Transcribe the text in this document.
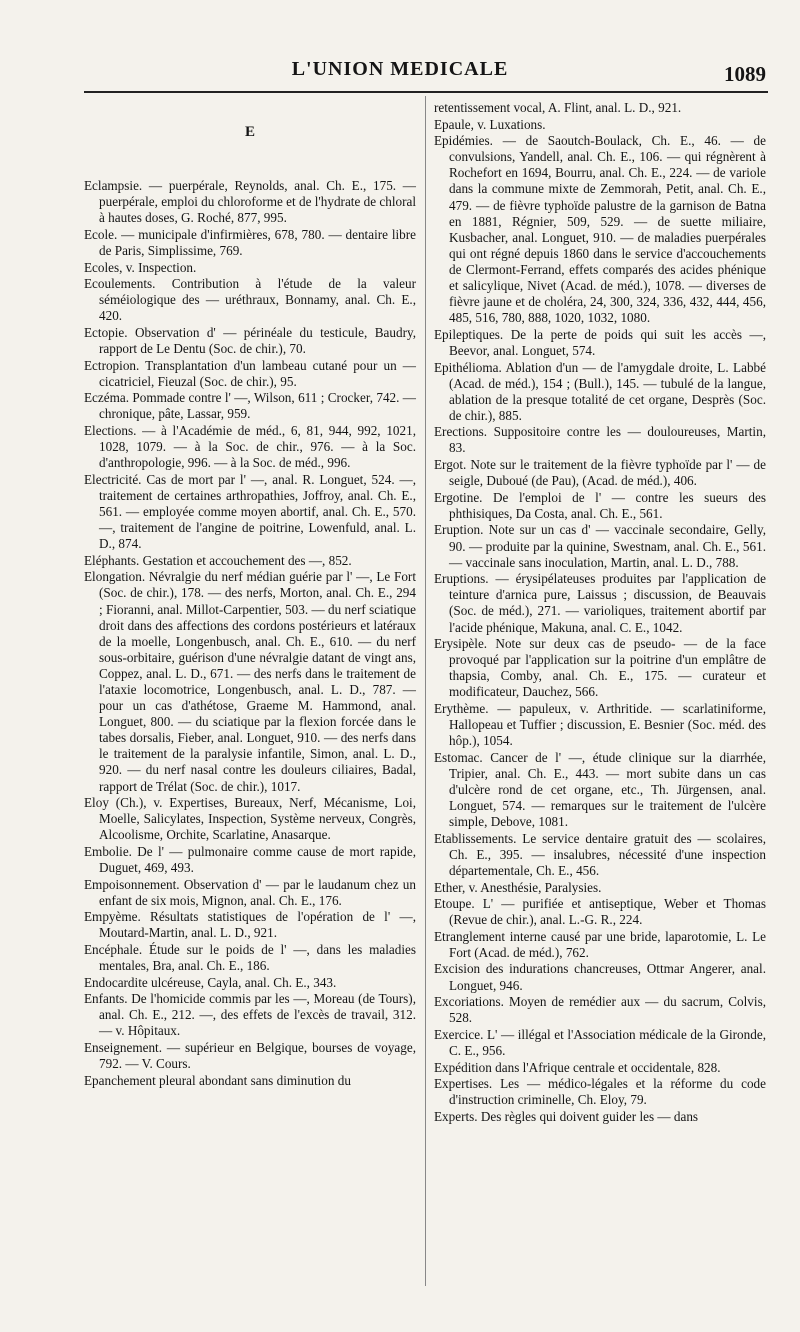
L'UNION MEDICALE	1089
E

Eclampsie. — puerpérale, Reynolds, anal. Ch. E., 175. — puerpérale, emploi du chloroforme et de l'hydrate de chloral à hautes doses, G. Roché, 877, 995.

Ecole. — municipale d'infirmières, 678, 780. — dentaire libre de Paris, Simplissime, 769.

Ecoles, v. Inspection.

Ecoulements. Contribution à l'étude de la valeur séméiologique des — uréthraux, Bonnamy, anal. Ch. E., 420.

Ectopie. Observation d' — périnéale du testicule, Baudry, rapport de Le Dentu (Soc. de chir.), 70.

Ectropion. Transplantation d'un lambeau cutané pour un — cicatriciel, Fieuzal (Soc. de chir.), 95.

Eczéma. Pommade contre l' —, Wilson, 611 ; Crocker, 742. — chronique, pâte, Lassar, 959.

Elections. — à l'Académie de méd., 6, 81, 944, 992, 1021, 1028, 1079. — à la Soc. de chir., 976. — à la Soc. d'anthropologie, 996. — à la Soc. de méd., 996.

Electricité. Cas de mort par l' —, anal. R. Longuet, 524. —, traitement de certaines arthropathies, Joffroy, anal. Ch. E., 561. — employée comme moyen abortif, anal. Ch. E., 570. —, traitement de l'angine de poitrine, Lowenfuld, anal. L. D., 874.

Eléphants. Gestation et accouchement des —, 852.

Elongation. Névralgie du nerf médian guérie par l' —, Le Fort (Soc. de chir.), 178. — des nerfs, Morton, anal. Ch. E., 294 ; Fioranni, anal. Millot-Carpentier, 503. — du nerf sciatique droit dans des affections des cordons postérieurs et latéraux de la moelle, Longenbusch, anal. Ch. E., 610. — du nerf sous-orbitaire, guérison d'une névralgie datant de vingt ans, Coppez, anal. L. D., 671. — des nerfs dans le traitement de l'ataxie locomotrice, Longenbusch, anal. L. D., 787. — pour un cas d'athétose, Graeme M. Hammond, anal. Longuet, 800. — du sciatique par la flexion forcée dans le tabes dorsalis, Fieber, anal. Longuet, 910. — des nerfs dans le traitement de la paralysie infantile, Simon, anal. L. D., 920. — du nerf nasal contre les douleurs ciliaires, Badal, rapport de Trélat (Soc. de chir.), 1017.

Eloy (Ch.), v. Expertises, Bureaux, Nerf, Mécanisme, Loi, Moelle, Salicylates, Inspection, Système nerveux, Congrès, Alcoolisme, Orchite, Scarlatine, Anasarque.

Embolie. De l' — pulmonaire comme cause de mort rapide, Duguet, 469, 493.

Empoisonnement. Observation d' — par le laudanum chez un enfant de six mois, Mignon, anal. Ch. E., 176.

Empyème. Résultats statistiques de l'opération de l' —, Moutard-Martin, anal. L. D., 921.

Encéphale. Étude sur le poids de l' —, dans les maladies mentales, Bra, anal. Ch. E., 186.

Endocardite ulcéreuse, Cayla, anal. Ch. E., 343.

Enfants. De l'homicide commis par les —, Moreau (de Tours), anal. Ch. E., 212. —, des effets de l'excès de travail, 312. — v. Hôpitaux.

Enseignement. — supérieur en Belgique, bourses de voyage, 792. — V. Cours.

Epanchement pleural abondant sans diminution du

retentissement vocal, A. Flint, anal. L. D., 921.

Epaule, v. Luxations.

Epidémies. — de Saoutch-Boulack, Ch. E., 46. — de convulsions, Yandell, anal. Ch. E., 106. — qui régnèrent à Rochefort en 1694, Bourru, anal. Ch. E., 224. — de variole dans la commune mixte de Zemmorah, Petit, anal. Ch. E., 479. — de fièvre typhoïde palustre de la garnison de Batna en 1881, Régnier, 509, 529. — de suette miliaire, Kusbacher, anal. Longuet, 910. — de maladies puerpérales qui ont régné depuis 1860 dans le service d'accouchements de Clermont-Ferrand, effets comparés des acides phénique et salicylique, Nivet (Acad. de méd.), 1078. — diverses de fièvre jaune et de choléra, 24, 300, 324, 336, 432, 444, 456, 485, 516, 780, 888, 1020, 1032, 1080.

Epileptiques. De la perte de poids qui suit les accès —, Beevor, anal. Longuet, 574.

Epithélioma. Ablation d'un — de l'amygdale droite, L. Labbé (Acad. de méd.), 154 ; (Bull.), 145. — tubulé de la langue, ablation de la presque totalité de cet organe, Desprès (Soc. de chir.), 885.

Erections. Suppositoire contre les — douloureuses, Martin, 83.

Ergot. Note sur le traitement de la fièvre typhoïde par l' — de seigle, Duboué (de Pau), (Acad. de méd.), 406.

Ergotine. De l'emploi de l' — contre les sueurs des phthisiques, Da Costa, anal. Ch. E., 561.

Eruption. Note sur un cas d' — vaccinale secondaire, Gelly, 90. — produite par la quinine, Swestnam, anal. Ch. E., 561. — vaccinale sans inoculation, Martin, anal. L. D., 788.

Eruptions. — érysipélateuses produites par l'application de teinture d'arnica pure, Laissus ; discussion, de Beauvais (Soc. de méd.), 271. — varioliques, traitement abortif par l'acide phénique, Makuna, anal. C. E., 1042.

Erysipèle. Note sur deux cas de pseudo- — de la face provoqué par l'application sur la poitrine d'un emplâtre de thapsia, Comby, anal. Ch. E., 175. — curateur et modificateur, Dauchez, 566.

Erythème. — papuleux, v. Arthritide. — scarlatiniforme, Hallopeau et Tuffier ; discussion, E. Besnier (Soc. méd. des hôp.), 1054.

Estomac. Cancer de l' —, étude clinique sur la diarrhée, Tripier, anal. Ch. E., 443. — mort subite dans un cas d'ulcère rond de cet organe, etc., Th. Jürgensen, anal. Longuet, 574. — remarques sur le traitement de l'ulcère simple, Debove, 1081.

Etablissements. Le service dentaire gratuit des — scolaires, Ch. E., 395. — insalubres, nécessité d'une inspection départementale, Ch. E., 456.

Ether, v. Anesthésie, Paralysies.

Etoupe. L' — purifiée et antiseptique, Weber et Thomas (Revue de chir.), anal. L.-G. R., 224.

Etranglement interne causé par une bride, laparotomie, L. Le Fort (Acad. de méd.), 762.

Excision des indurations chancreuses, Ottmar Angerer, anal. Longuet, 946.

Excoriations. Moyen de remédier aux — du sacrum, Colvis, 528.

Exercice. L' — illégal et l'Association médicale de la Gironde, C. E., 956.

Expédition dans l'Afrique centrale et occidentale, 828.

Expertises. Les — médico-légales et la réforme du code d'instruction criminelle, Ch. Eloy, 79.

Experts. Des règles qui doivent guider les — dans
